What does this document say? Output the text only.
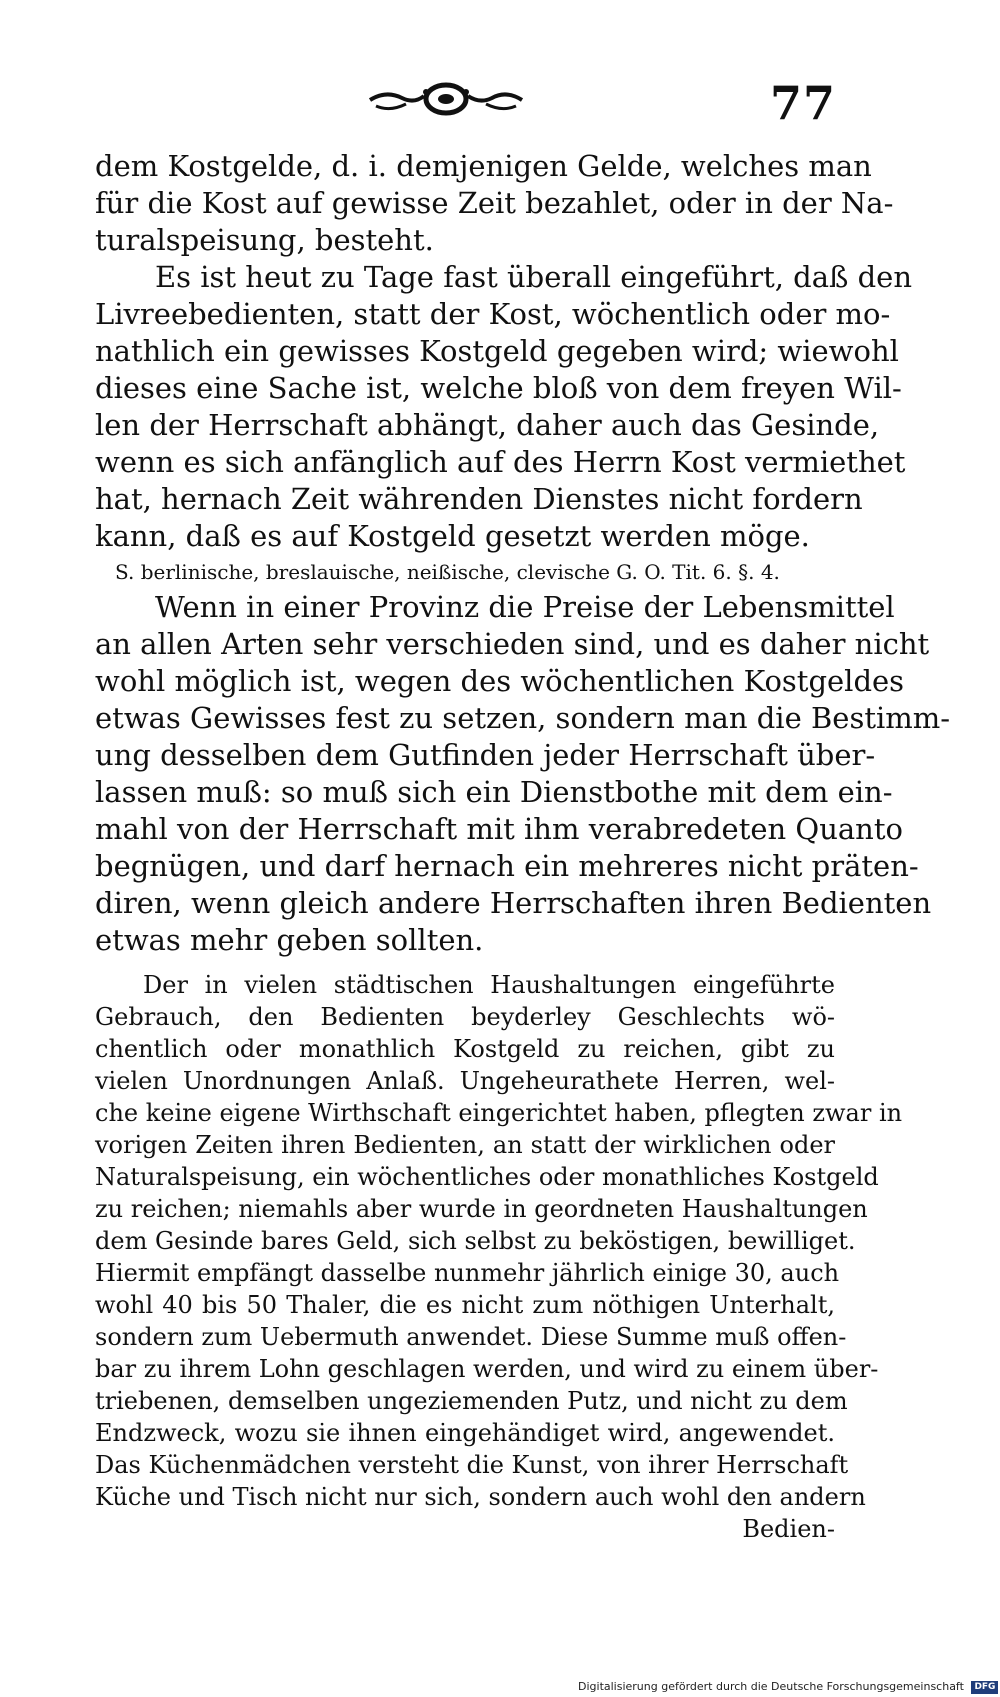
77
dem Kostgelde, d. i. demjenigen Gelde, welches man
für die Kost auf gewisse Zeit bezahlet, oder in der Na-
turalspeisung, besteht.
Es ist heut zu Tage fast überall eingeführt, daß den
Livreebedienten, statt der Kost, wöchentlich oder mo-
nathlich ein gewisses Kostgeld gegeben wird; wiewohl
dieses eine Sache ist, welche bloß von dem freyen Wil-
len der Herrschaft abhängt, daher auch das Gesinde,
wenn es sich anfänglich auf des Herrn Kost vermiethet
hat, hernach Zeit währenden Dienstes nicht fordern
kann, daß es auf Kostgeld gesetzt werden möge.
S. berlinische, breslauische, neißische, clevische G. O. Tit. 6. §. 4.
Wenn in einer Provinz die Preise der Lebensmittel
an allen Arten sehr verschieden sind, und es daher nicht
wohl möglich ist, wegen des wöchentlichen Kostgeldes
etwas Gewisses fest zu setzen, sondern man die Bestimm-
ung desselben dem Gutfinden jeder Herrschaft über-
lassen muß: so muß sich ein Dienstbothe mit dem ein-
mahl von der Herrschaft mit ihm verabredeten Quanto
begnügen, und darf hernach ein mehreres nicht präten-
diren, wenn gleich andere Herrschaften ihren Bedienten
etwas mehr geben sollten.
Der in vielen städtischen Haushaltungen eingeführte
Gebrauch, den Bedienten beyderley Geschlechts wö-
chentlich oder monathlich Kostgeld zu reichen, gibt zu
vielen Unordnungen Anlaß. Ungeheurathete Herren, wel-
che keine eigene Wirthschaft eingerichtet haben, pflegten zwar in
vorigen Zeiten ihren Bedienten, an statt der wirklichen oder
Naturalspeisung, ein wöchentliches oder monathliches Kostgeld
zu reichen; niemahls aber wurde in geordneten Haushaltungen
dem Gesinde bares Geld, sich selbst zu beköstigen, bewilliget.
Hiermit empfängt dasselbe nunmehr jährlich einige 30, auch
wohl 40 bis 50 Thaler, die es nicht zum nöthigen Unterhalt,
sondern zum Uebermuth anwendet. Diese Summe muß offen-
bar zu ihrem Lohn geschlagen werden, und wird zu einem über-
triebenen, demselben ungeziemenden Putz, und nicht zu dem
Endzweck, wozu sie ihnen eingehändiget wird, angewendet.
Das Küchenmädchen versteht die Kunst, von ihrer Herrschaft
Küche und Tisch nicht nur sich, sondern auch wohl den andern
Bedien-
Digitalisierung gefördert durch die Deutsche Forschungsgemeinschaft DFG
